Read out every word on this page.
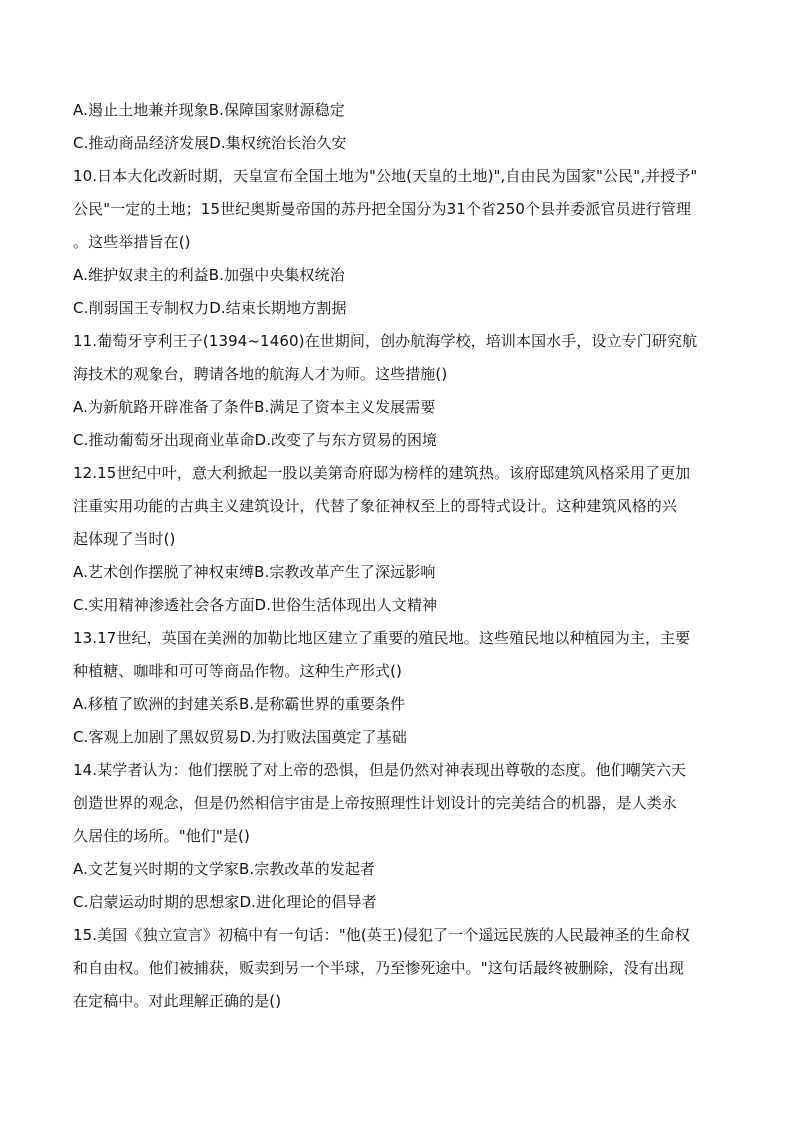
A.遏止土地兼并现象B.保障国家财源稳定
C.推动商品经济发展D.集权统治长治久安
10.日本大化改新时期，天皇宣布全国土地为"公地(天皇的土地)",自由民为国家"公民",并授予"
公民"一定的土地；15世纪奥斯曼帝国的苏丹把全国分为31个省250个县并委派官员进行管理
。这些举措旨在()
A.维护奴隶主的利益B.加强中央集权统治
C.削弱国王专制权力D.结束长期地方割据
11.葡萄牙亨利王子(1394~1460)在世期间，创办航海学校，培训本国水手，设立专门研究航
海技术的观象台，聘请各地的航海人才为师。这些措施()
A.为新航路开辟准备了条件B.满足了资本主义发展需要
C.推动葡萄牙出现商业革命D.改变了与东方贸易的困境
12.15世纪中叶，意大利掀起一股以美第奇府邸为榜样的建筑热。该府邸建筑风格采用了更加
注重实用功能的古典主义建筑设计，代替了象征神权至上的哥特式设计。这种建筑风格的兴
起体现了当时()
A.艺术创作摆脱了神权束缚B.宗教改革产生了深远影响
C.实用精神渗透社会各方面D.世俗生活体现出人文精神
13.17世纪，英国在美洲的加勒比地区建立了重要的殖民地。这些殖民地以种植园为主，主要
种植糖、咖啡和可可等商品作物。这种生产形式()
A.移植了欧洲的封建关系B.是称霸世界的重要条件
C.客观上加剧了黑奴贸易D.为打败法国奠定了基础
14.某学者认为：他们摆脱了对上帝的恐惧，但是仍然对神表现出尊敬的态度。他们嘲笑六天
创造世界的观念，但是仍然相信宇宙是上帝按照理性计划设计的完美结合的机器，是人类永
久居住的场所。"他们"是()
A.文艺复兴时期的文学家B.宗教改革的发起者
C.启蒙运动时期的思想家D.进化理论的倡导者
15.美国《独立宣言》初稿中有一句话："他(英王)侵犯了一个遥远民族的人民最神圣的生命权
和自由权。他们被捕获，贩卖到另一个半球，乃至惨死途中。"这句话最终被删除，没有出现
在定稿中。对此理解正确的是()
